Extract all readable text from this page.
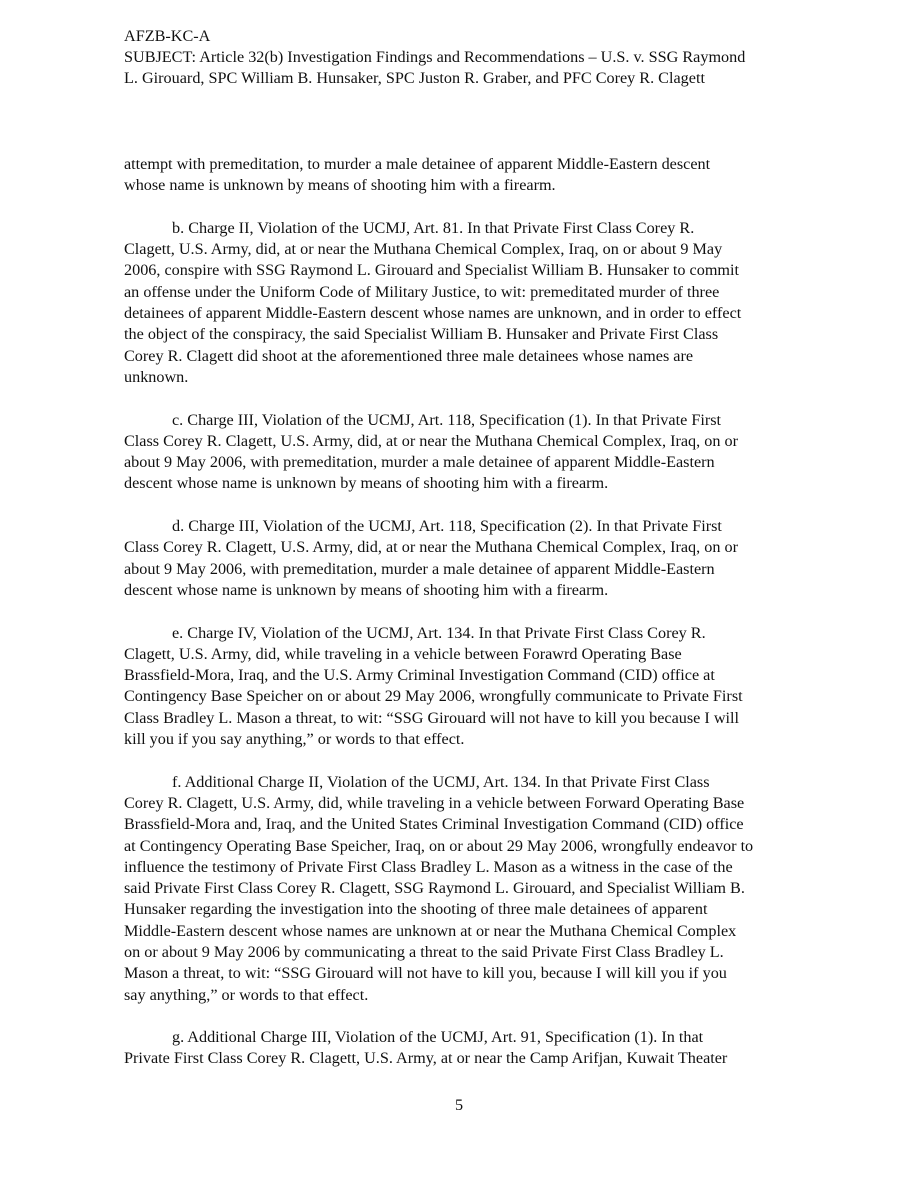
AFZB-KC-A
SUBJECT: Article 32(b) Investigation Findings and Recommendations – U.S. v. SSG Raymond
L. Girouard, SPC William B. Hunsaker, SPC Juston R. Graber, and PFC Corey R. Clagett
attempt with premeditation, to murder a male detainee of apparent Middle-Eastern descent
whose name is unknown by means of shooting him with a firearm.
b. Charge II, Violation of the UCMJ, Art. 81. In that Private First Class Corey R.
Clagett, U.S. Army, did, at or near the Muthana Chemical Complex, Iraq, on or about 9 May
2006, conspire with SSG Raymond L. Girouard and Specialist William B. Hunsaker to commit
an offense under the Uniform Code of Military Justice, to wit: premeditated murder of three
detainees of apparent Middle-Eastern descent whose names are unknown, and in order to effect
the object of the conspiracy, the said Specialist William B. Hunsaker and Private First Class
Corey R. Clagett did shoot at the aforementioned three male detainees whose names are
unknown.
c. Charge III, Violation of the UCMJ, Art. 118, Specification (1). In that Private First
Class Corey R. Clagett, U.S. Army, did, at or near the Muthana Chemical Complex, Iraq, on or
about 9 May 2006, with premeditation, murder a male detainee of apparent Middle-Eastern
descent whose name is unknown by means of shooting him with a firearm.
d. Charge III, Violation of the UCMJ, Art. 118, Specification (2). In that Private First
Class Corey R. Clagett, U.S. Army, did, at or near the Muthana Chemical Complex, Iraq, on or
about 9 May 2006, with premeditation, murder a male detainee of apparent Middle-Eastern
descent whose name is unknown by means of shooting him with a firearm.
e. Charge IV, Violation of the UCMJ, Art. 134. In that Private First Class Corey R.
Clagett, U.S. Army, did, while traveling in a vehicle between Forawrd Operating Base
Brassfield-Mora, Iraq, and the U.S. Army Criminal Investigation Command (CID) office at
Contingency Base Speicher on or about 29 May 2006, wrongfully communicate to Private First
Class Bradley L. Mason a threat, to wit: “SSG Girouard will not have to kill you because I will
kill you if you say anything,” or words to that effect.
f. Additional Charge II, Violation of the UCMJ, Art. 134. In that Private First Class
Corey R. Clagett, U.S. Army, did, while traveling in a vehicle between Forward Operating Base
Brassfield-Mora and, Iraq, and the United States Criminal Investigation Command (CID) office
at Contingency Operating Base Speicher, Iraq, on or about 29 May 2006, wrongfully endeavor to
influence the testimony of Private First Class Bradley L. Mason as a witness in the case of the
said Private First Class Corey R. Clagett, SSG Raymond L. Girouard, and Specialist William B.
Hunsaker regarding the investigation into the shooting of three male detainees of apparent
Middle-Eastern descent whose names are unknown at or near the Muthana Chemical Complex
on or about 9 May 2006 by communicating a threat to the said Private First Class Bradley L.
Mason a threat, to wit: “SSG Girouard will not have to kill you, because I will kill you if you
say anything,” or words to that effect.
g. Additional Charge III, Violation of the UCMJ, Art. 91, Specification (1). In that
Private First Class Corey R. Clagett, U.S. Army, at or near the Camp Arifjan, Kuwait Theater
5
